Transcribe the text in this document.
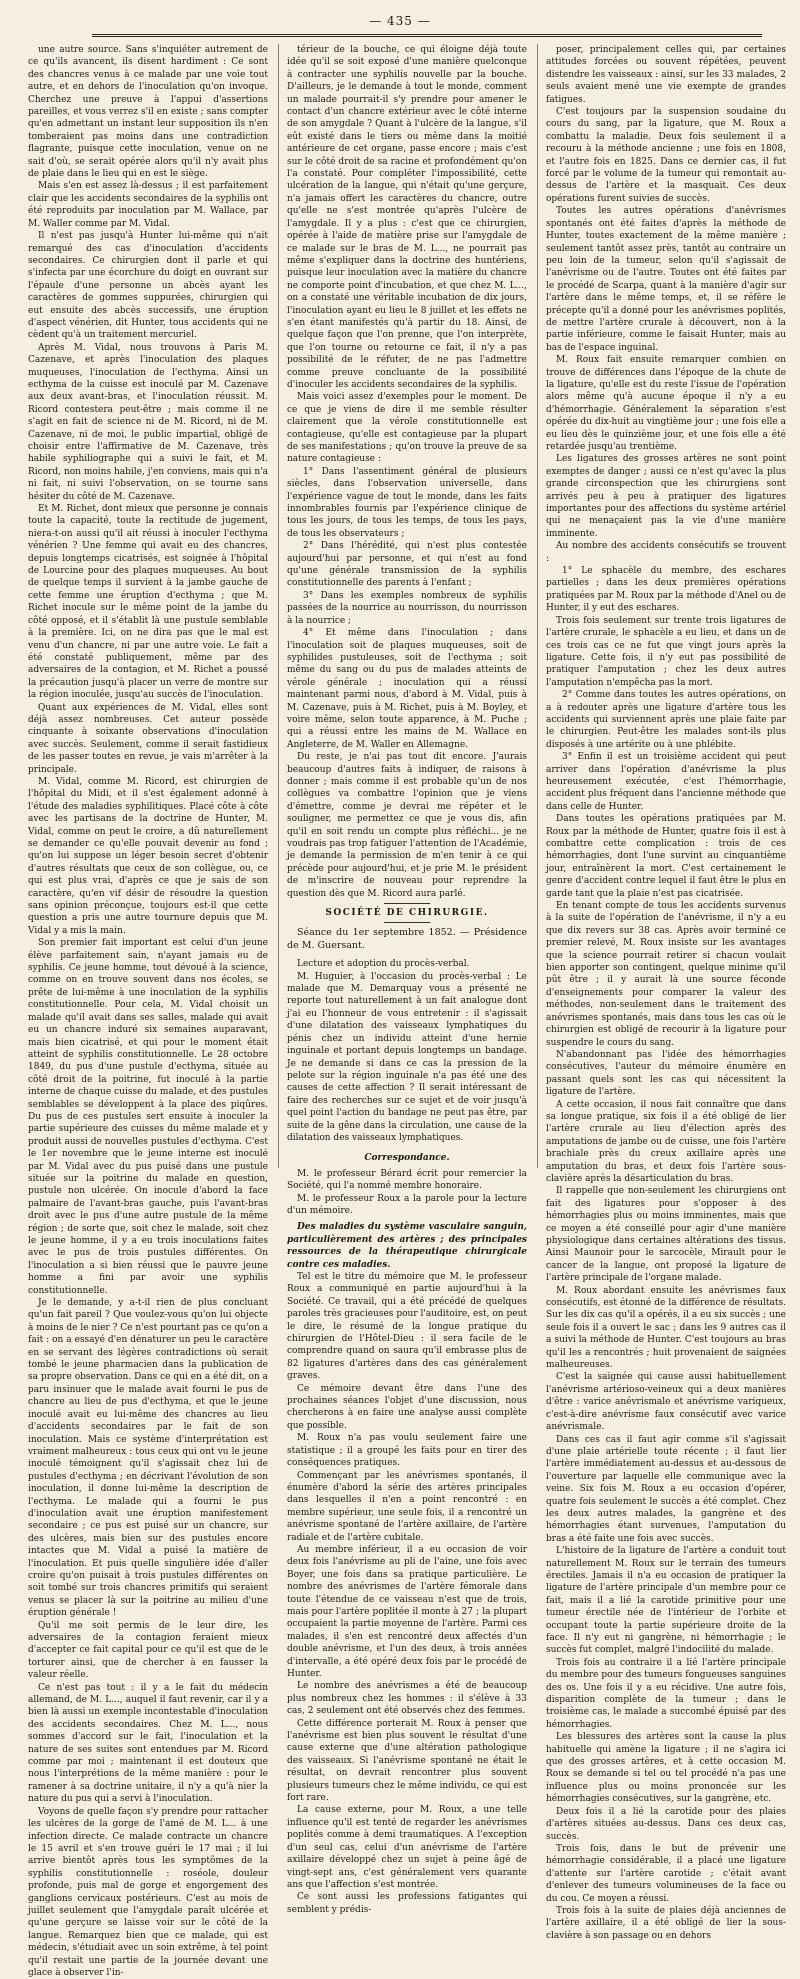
— 435 —

une autre source. Sans s'inquiéter autrement de ce qu'ils avancent, ils disent hardiment : Ce sont des chancres venus à ce malade par une voie tout autre, et en dehors de l'inoculation qu'on invoque. Cherchez une preuve à l'appui d'assertions pareilles, et vous verrez s'il en existe ; sans compter qu'en admettant un instant leur supposition ils n'en tomberaient pas moins dans une contradiction flagrante, puisque cette inoculation, venue on ne sait d'où, se serait opérée alors qu'il n'y avait plus de plaie dans le lieu qui en est le siège.

Mais s'en est assez là-dessus ; il est parfaitement clair que les accidents secondaires de la syphilis ont été reproduits par inoculation par M. Wallace, par M. Waller comme par M. Vidal.

Il n'est pas jusqu'à Hunter lui-même qui n'ait remarqué des cas d'inoculation d'accidents secondaires. Ce chirurgien dont il parle et qui s'infecta par une écorchure du doigt en ouvrant sur l'épaule d'une personne un abcès ayant les caractères de gommes suppurées, chirurgien qui eut ensuite des abcès successifs, une éruption d'aspect vénérien, dit Hunter, tous accidents qui ne cèdent qu'à un traitement mercuriel.

Après M. Vidal, nous trouvons à Paris M. Cazenave, et après l'inoculation des plaques muqueuses, l'inoculation de l'ecthyma. Ainsi un ecthyma de la cuisse est inoculé par M. Cazenave aux deux avant-bras, et l'inoculation réussit. M. Ricord contestera peut-être ; mais comme il ne s'agit en fait de science ni de M. Ricord, ni de M. Cazenave, ni de moi, le public impartial, obligé de choisir entre l'affirmative de M. Cazenave, très habile syphiliographe qui a suivi le fait, et M. Ricord, non moins habile, j'en conviens, mais qui n'a ni fait, ni suivi l'observation, on se tourne sans hésiter du côté de M. Cazenave.

Et M. Richet, dont mieux que personne je connais toute la capacité, toute la rectitude de jugement, niera-t-on aussi qu'il ait réussi à inoculer l'ecthyma vénérien ? Une femme qui avait eu des chancres, depuis longtemps cicatrisés, est soignée à l'hôpital de Lourcine pour des plaques muqueuses. Au bout de quelque temps il survient à la jambe gauche de cette femme une éruption d'ecthyma ; que M. Richet inocule sur le même point de la jambe du côté opposé, et il s'établit là une pustule semblable à la première. Ici, on ne dira pas que le mal est venu d'un chancre, ni par une autre voie. Le fait a été constaté publiquement, même par des adversaires de la contagion, et M. Richet a poussé la précaution jusqu'à placer un verre de montre sur la région inoculée, jusqu'au succès de l'inoculation.

Quant aux expériences de M. Vidal, elles sont déjà assez nombreuses. Cet auteur possède cinquante à soixante observations d'inoculation avec succès. Seulement, comme il serait fastidieux de les passer toutes en revue, je vais m'arrêter à la principale.

M. Vidal, comme M. Ricord, est chirurgien de l'hôpital du Midi, et il s'est également adonné à l'étude des maladies syphilitiques. Placé côte à côte avec les partisans de la doctrine de Hunter, M. Vidal, comme on peut le croire, a dû naturellement se demander ce qu'elle pouvait devenir au fond ; qu'on lui suppose un léger besoin secret d'obtenir d'autres résultats que ceux de son collègue, ou, ce qui est plus vrai, d'après ce que je sais de son caractère, qu'en vif désir de résoudre la question sans opinion préconçue, toujours est-il que cette question a pris une autre tournure depuis que M. Vidal y a mis la main.

Son premier fait important est celui d'un jeune élève parfaitement sain, n'ayant jamais eu de syphilis. Ce jeune homme, tout dévoué à la science, comme on en trouve souvent dans nos écoles, se prête de lui-même à une inoculation de la syphilis constitutionnelle. Pour cela, M. Vidal choisit un malade qu'il avait dans ses salles, malade qui avait eu un chancre induré six semaines auparavant, mais bien cicatrisé, et qui pour le moment était atteint de syphilis constitutionnelle. Le 28 octobre 1849, du pus d'une pustule d'ecthyma, située au côté droit de la poitrine, fut inoculé à la partie interne de chaque cuisse du malade, et des pustules semblables se développent à la place des piqûres. Du pus de ces pustules sert ensuite à inoculer la partie supérieure des cuisses du même malade et y produit aussi de nouvelles pustules d'ecthyma. C'est le 1er novembre que le jeune interne est inoculé par M. Vidal avec du pus puisé dans une pustule située sur la poitrine du malade en question, pustule non ulcérée. On inocule d'abord la face palmaire de l'avant-bras gauche, puis l'avant-bras droit avec le pus d'une autre pustule de la même région ; de sorte que, soit chez le malade, soit chez le jeune homme, il y a eu trois inoculations faites avec le pus de trois pustules différentes. On l'inoculation a si bien réussi que le pauvre jeune homme a fini par avoir une syphilis constitutionnelle.

Je le demande, y a-t-il rien de plus concluant qu'un fait pareil ? Que voulez-vous qu'on lui objecte à moins de le nier ? Ce n'est pourtant pas ce qu'on a fait : on a essayé d'en dénaturer un peu le caractère en se servant des légères contradictions où serait tombé le jeune pharmacien dans la publication de sa propre observation. Dans ce qui en a été dit, on a paru insinuer que le malade avait fourni le pus de chancre au lieu de pus d'ecthyma, et que le jeune inoculé avait eu lui-même des chancres au lieu d'accidents secondaires par le fait de son inoculation. Mais ce système d'interprétation est vraiment malheureux : tous ceux qui ont vu le jeune inoculé témoignent qu'il s'agissait chez lui de pustules d'ecthyma ; en décrivant l'évolution de son inoculation, il donne lui-même la description de l'ecthyma. Le malade qui a fourni le pus d'inoculation avait une éruption manifestement secondaire ; ce pus est puisé sur un chancre, sur des ulcères, mais bien sur des pustules encore intactes que M. Vidal a puisé la matière de l'inoculation. Et puis quelle singulière idée d'aller croire qu'on puisait à trois pustules différentes on soit tombé sur trois chancres primitifs qui seraient venus se placer là sur la poitrine au milieu d'une éruption générale !

Qu'il me soit permis de le leur dire, les adversaires de la contagion feraient mieux d'accepter ce fait capital pour ce qu'il est que de le torturer ainsi, que de chercher à en fausser la valeur réelle.

Ce n'est pas tout : il y a le fait du médecin allemand, de M. L..., auquel il faut revenir, car il y a bien là aussi un exemple incontestable d'inoculation des accidents secondaires. Chez M. L..., nous sommes d'accord sur le fait, l'inoculation et la nature de ses suites sont entendues par M. Ricord comme par moi ; maintenant il est douteux que nous l'interprétions de la même manière : pour le ramener à sa doctrine unitaire, il n'y a qu'à nier la nature du pus qui a servi à l'inoculation.

Voyons de quelle façon s'y prendre pour rattacher les ulcères de la gorge de l'amé de M. L... à une infection directe. Ce malade contracte un chancre le 15 avril et s'en trouve guéri le 17 mai ; il lui arrive bientôt après tous les symptômes de la syphilis constitutionnelle : roséole, douleur profonde, puis mal de gorge et engorgement des ganglions cervicaux postérieurs. C'est au mois de juillet seulement que l'amygdale paraît ulcérée et qu'une gerçure se laisse voir sur le côté de la langue. Remarquez bien que ce malade, qui est médecin, s'étudiait avec un soin extrême, à tel point qu'il restait une partie de la journée devant une glace à observer l'in-

térieur de la bouche, ce qui éloigne déjà toute idée qu'il se soit exposé d'une manière quelconque à contracter une syphilis nouvelle par la bouche. D'ailleurs, je le demande à tout le monde, comment un malade pourrait-il s'y prendre pour amener le contact d'un chancre extérieur avec le côté interne de son amygdale ? Quant à l'ulcère de la langue, s'il eût existé dans le tiers ou même dans la moitié antérieure de cet organe, passe encore ; mais c'est sur le côté droit de sa racine et profondément qu'on l'a constaté. Pour compléter l'impossibilité, cette ulcération de la langue, qui n'était qu'une gerçure, n'a jamais offert les caractères du chancre, outre qu'elle ne s'est montrée qu'après l'ulcère de l'amygdale. Il y a plus : c'est que ce chirurgien, opérée à l'aide de matière prise sur l'amygdale de ce malade sur le bras de M. L..., ne pourrait pas même s'expliquer dans la doctrine des huntériens, puisque leur inoculation avec la matière du chancre ne comporte point d'incubation, et que chez M. L..., on a constaté une véritable incubation de dix jours, l'inoculation ayant eu lieu le 8 juillet et les effets ne s'en étant manifestés qu'à partir du 18. Ainsi, de quelque façon que l'on prenne, que l'on interprète, que l'on tourne ou retourne ce fait, il n'y a pas possibilité de le réfuter, de ne pas l'admettre comme preuve concluante de la possibilité d'inoculer les accidents secondaires de la syphilis.

Mais voici assez d'exemples pour le moment. De ce que je viens de dire il me semble résulter clairement que la vérole constitutionnelle est contagieuse, qu'elle est contagieuse par la plupart de ses manifestations ; qu'on trouve la preuve de sa nature contagieuse :

1° Dans l'assentiment général de plusieurs siècles, dans l'observation universelle, dans l'expérience vague de tout le monde, dans les faits innombrables fournis par l'expérience clinique de tous les jours, de tous les temps, de tous les pays, de tous les observateurs ;

2° Dans l'hérédité, qui n'est plus contestée aujourd'hui par personne, et qui n'est au fond qu'une générale transmission de la syphilis constitutionnelle des parents à l'enfant ;

3° Dans les exemples nombreux de syphilis passées de la nourrice au nourrisson, du nourrisson à la nourrice ;

4° Et même dans l'inoculation ; dans l'inoculation soit de plaques muqueuses, soit de syphilides pustuleuses, soit de l'ecthyma ; soit même du sang ou du pus de malades atteints de vérole générale ; inoculation qui a réussi maintenant parmi nous, d'abord à M. Vidal, puis à M. Cazenave, puis à M. Richet, puis à M. Boyley, et voire même, selon toute apparence, à M. Puche ; qui a réussi entre les mains de M. Wallace en Angleterre, de M. Waller en Allemagne.

Du reste, je n'ai pas tout dit encore. J'aurais beaucoup d'autres faits à indiquer, de raisons à donner ; mais comme il est probable qu'un de nos collègues va combattre l'opinion que je viens d'émettre, comme je devrai me répéter et le souligner, me permettez ce que je vous dis, afin qu'il en soit rendu un compte plus réfléchi... je ne voudrais pas trop fatiguer l'attention de l'Académie, je demande la permission de m'en tenir à ce qui précède pour aujourd'hui, et je prie M. le président de m'inscrire de nouveau pour reprendre la question dès que M. Ricord aura parlé.

SOCIÉTÉ DE CHIRURGIE.

Séance du 1er septembre 1852. — Présidence de M. Guersant.

Lecture et adoption du procès-verbal.

M. Huguier, à l'occasion du procès-verbal : Le malade que M. Demarquay vous a présenté ne reporte tout naturellement à un fait analogue dont j'ai eu l'honneur de vous entretenir : il s'agissait d'une dilatation des vaisseaux lymphatiques du pénis chez un individu atteint d'une hernie inguinale et portant depuis longtemps un bandage. Je ne demande si dans ce cas la pression de la pelote sur la région inguinale n'a pas été une des causes de cette affection ? Il serait intéressant de faire des recherches sur ce sujet et de voir jusqu'à quel point l'action du bandage ne peut pas être, par suite de la gêne dans la circulation, une cause de la dilatation des vaisseaux lymphatiques.

Correspondance.

M. le professeur Bérard écrit pour remercier la Société, qui l'a nommé membre honoraire.

M. le professeur Roux a la parole pour la lecture d'un mémoire.

Des maladies du système vasculaire sanguin, particulièrement des artères ; des principales ressources de la thérapeutique chirurgicale contre ces maladies.

Tel est le titre du mémoire que M. le professeur Roux a communiqué en partie aujourd'hui à la Société. Ce travail, qui a été précédé de quelques paroles très gracieuses pour l'auditoire, est, on peut le dire, le résumé de la longue pratique du chirurgien de l'Hôtel-Dieu : il sera facile de le comprendre quand on saura qu'il embrasse plus de 82 ligatures d'artères dans des cas généralement graves.

Ce mémoire devant être dans l'une des prochaines séances l'objet d'une discussion, nous chercherons à en faire une analyse aussi complète que possible.

M. Roux n'a pas voulu seulement faire une statistique ; il a groupé les faits pour en tirer des conséquences pratiques.

Commençant par les anévrismes spontanés, il énumère d'abord la série des artères principales dans lesquelles il n'en a point rencontré : en membre supérieur, une seule fois, il a rencontré un anévrisme spontané de l'artère axillaire, de l'artère radiale et de l'artère cubitale.

Au membre inférieur, il a eu occasion de voir deux fois l'anévrisme au pli de l'aine, une fois avec Boyer, une fois dans sa pratique particulière. Le nombre des anévrismes de l'artère fémorale dans toute l'étendue de ce vaisseau n'est que de trois, mais pour l'artère poplitée il monte à 27 ; la plupart occupaient la partie moyenne de l'artère. Parmi ces malades, il s'en est rencontré deux affectés d'un double anévrisme, et l'un des deux, à trois années d'intervalle, a été opéré deux fois par le procédé de Hunter.

Le nombre des anévrismes a été de beaucoup plus nombreux chez les hommes : il s'élève à 33 cas, 2 seulement ont été observés chez des femmes.

Cette différence porterait M. Roux à penser que l'anévrisme est bien plus souvent le résultat d'une cause externe que d'une altération pathologique des vaisseaux. Si l'anévrisme spontané ne était le résultat, on devrait rencontrer plus souvent plusieurs tumeurs chez le même individu, ce qui est fort rare.

La cause externe, pour M. Roux, a une telle influence qu'il est tenté de regarder les anévrismes poplités comme à demi traumatiques. A l'exception d'un seul cas, celui d'un anévrisme de l'artère axillaire développé chez un sujet à peine âgé de vingt-sept ans, c'est généralement vers quarante ans que l'affection s'est montrée.

Ce sont aussi les professions fatigantes qui semblent y prédis-

poser, principalement celles qui, par certaines attitudes forcées ou souvent répétées, peuvent distendre les vaisseaux : ainsi, sur les 33 malades, 2 seuls avaient mené une vie exempte de grandes fatigues.

C'est toujours par la suspension soudaine du cours du sang, par la ligature, que M. Roux a combattu la maladie. Deux fois seulement il a recouru à la méthode ancienne ; une fois en 1808, et l'autre fois en 1825. Dans ce dernier cas, il fut forcé par le volume de la tumeur qui remontait au-dessus de l'artère et la masquait. Ces deux opérations furent suivies de succès.

Toutes les autres opérations d'anévrismes spontanés ont été faites d'après la méthode de Hunter, toutes exactement de la même manière ; seulement tantôt assez près, tantôt au contraire un peu loin de la tumeur, selon qu'il s'agissait de l'anévrisme ou de l'autre. Toutes ont été faites par le procédé de Scarpa, quant à la manière d'agir sur l'artère dans le même temps, et, il se réfère le précepte qu'il a donné pour les anévrismes poplités, de mettre l'artère crurale à découvert, non à la partie inférieure, comme le faisait Hunter, mais au bas de l'espace inguinal.

M. Roux fait ensuite remarquer combien on trouve de différences dans l'époque de la chute de la ligature, qu'elle est du reste l'issue de l'opération alors même qu'à aucune époque il n'y a eu d'hémorrhagie. Généralement la séparation s'est opérée du dix-huit au vingtième jour ; une fois elle a eu lieu dès le quinzième jour, et une fois elle a été retardée jusqu'au trentième.

Les ligatures des grosses artères ne sont point exemptes de danger ; aussi ce n'est qu'avec la plus grande circonspection que les chirurgiens sont arrivés peu à peu à pratiquer des ligatures importantes pour des affections du système artériel qui ne menaçaient pas la vie d'une manière imminente.

Au nombre des accidents consécutifs se trouvent :

1° Le sphacèle du membre, des eschares partielles ; dans les deux premières opérations pratiquées par M. Roux par la méthode d'Anel ou de Hunter, il y eut des eschares.

Trois fois seulement sur trente trois ligatures de l'artère crurale, le sphacèle a eu lieu, et dans un de ces trois cas ce ne fut que vingt jours après la ligature. Cette fois, il n'y eut pas possibilité de pratiquer l'amputation ; chez les deux autres l'amputation n'empêcha pas la mort.

2° Comme dans toutes les autres opérations, on a à redouter après une ligature d'artère tous les accidents qui surviennent après une plaie faite par le chirurgien. Peut-être les malades sont-ils plus disposés à une artérite ou à une phlébite.

3° Enfin il est un troisième accident qui peut arriver dans l'opération d'anévrisme la plus heureusement exécutée, c'est l'hémorrhagie, accident plus fréquent dans l'ancienne méthode que dans celle de Hunter.

Dans toutes les opérations pratiquées par M. Roux par la méthode de Hunter, quatre fois il est à combattre cette complication : trois de ces hémorrhagies, dont l'une survint au cinquantième jour, entraînèrent la mort. C'est certainement le genre d'accident contre lequel il faut être le plus en garde tant que la plaie n'est pas cicatrisée.

En tenant compte de tous les accidents survenus à la suite de l'opération de l'anévrisme, il n'y a eu que dix revers sur 38 cas. Après avoir terminé ce premier relevé, M. Roux insiste sur les avantages que la science pourrait retirer si chacun voulait bien apporter son contingent, quelque minime qu'il pût être ; il y aurait là une source féconde d'enseignements pour comparer la valeur des méthodes, non-seulement dans le traitement des anévrismes spontanés, mais dans tous les cas où le chirurgien est obligé de recourir à la ligature pour suspendre le cours du sang.

N'abandonnant pas l'idée des hémorrhagies consécutives, l'auteur du mémoire énumère en passant quels sont les cas qui nécessitent la ligature de l'artère.

A cette occasion, il nous fait connaître que dans sa longue pratique, six fois il a été obligé de lier l'artère crurale au lieu d'élection après des amputations de jambe ou de cuisse, une fois l'artère brachiale près du creux axillaire après une amputation du bras, et deux fois l'artère sous-clavière après la désarticulation du bras.

Il rappelle que non-seulement les chirurgiens ont fait des ligatures pour s'opposer à des hémorrhagies plus ou moins imminentes, mais que ce moyen a été conseillé pour agir d'une manière physiologique dans certaines altérations des tissus. Ainsi Maunoir pour le sarcocèle, Mirault pour le cancer de la langue, ont proposé la ligature de l'artère principale de l'organe malade.

M. Roux abordant ensuite les anévrismes faux consécutifs, est étonné de la différence de résultats. Sur les dix cas qu'il a opérés, il a eu six succès ; une seule fois il a ouvert le sac ; dans les 9 autres cas il a suivi la méthode de Hunter. C'est toujours au bras qu'il les a rencontrés ; huit provenaient de saignées malheureuses.

C'est la saignée qui cause aussi habituellement l'anévrisme artérioso-veineux qui a deux manières d'être : varice anévrismale et anévrisme variqueux, c'est-à-dire anévrisme faux consécutif avec varice anévrismale.

Dans ces cas il faut agir comme s'il s'agissait d'une plaie artérielle toute récente ; il faut lier l'artère immédiatement au-dessus et au-dessous de l'ouverture par laquelle elle communique avec la veine. Six fois M. Roux a eu occasion d'opérer, quatre fois seulement le succès a été complet. Chez les deux autres malades, la gangrène et des hémorrhagies étant survenues, l'amputation du bras a été faite une fois avec succès.

L'histoire de la ligature de l'artère a conduit tout naturellement M. Roux sur le terrain des tumeurs érectiles. Jamais il n'a eu occasion de pratiquer la ligature de l'artère principale d'un membre pour ce fait, mais il a lié la carotide primitive pour une tumeur érectile née de l'intérieur de l'orbite et occupant toute la partie supérieure droite de la face. Il n'y eut ni gangrène, ni hémorrhagie ; le succès fut complet, malgré l'indocilité du malade.

Trois fois au contraire il a lié l'artère principale du membre pour des tumeurs fongueuses sanguines des os. Une fois il y a eu récidive. Une autre fois, disparition complète de la tumeur ; dans le troisième cas, le malade a succombé épuisé par des hémorrhagies.

Les blessures des artères sont la cause la plus habituelle qui amène la ligature ; il ne s'agira ici que des grosses artères, et à cette occasion M. Roux se demande si tel ou tel procédé n'a pas une influence plus ou moins prononcée sur les hémorrhagies consécutives, sur la gangrène, etc.

Deux fois il a lié la carotide pour des plaies d'artères situées au-dessus. Dans ces deux cas, succès.

Trois fois, dans le but de prévenir une hémorrhagie considérable, il a placé une ligature d'attente sur l'artère carotide ; c'était avant d'enlever des tumeurs volumineuses de la face ou du cou. Ce moyen a réussi.

Trois fois à la suite de plaies déjà anciennes de l'artère axillaire, il a été obligé de lier la sous-clavière à son passage ou en dehors
